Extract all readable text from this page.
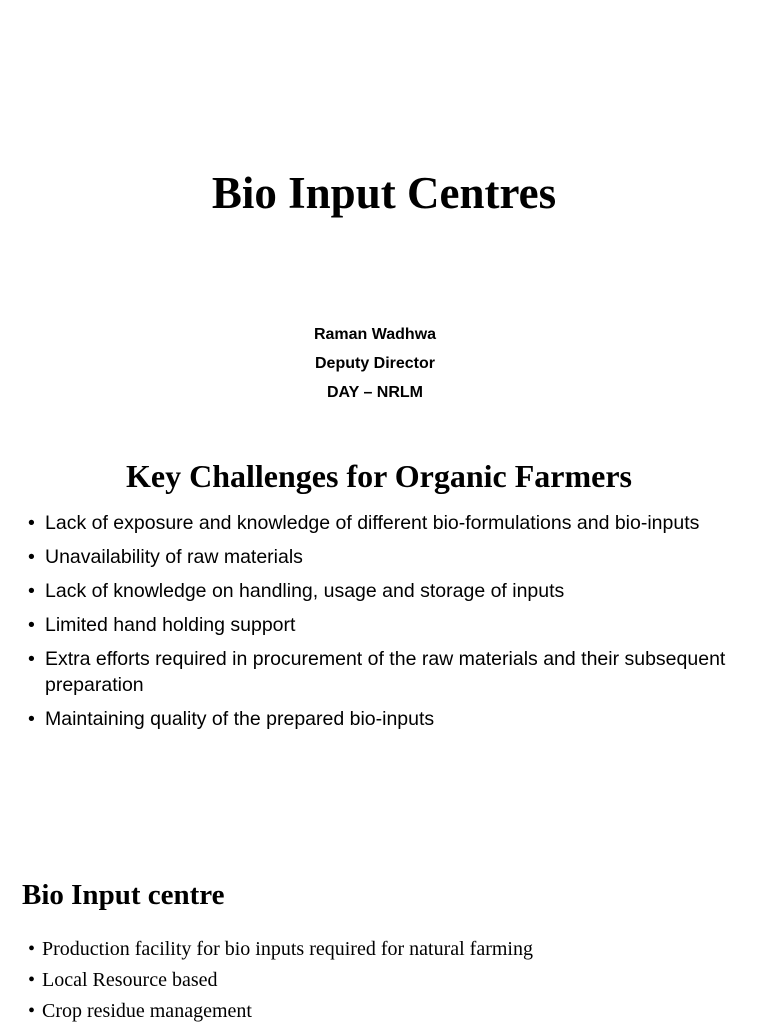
Bio Input Centres
Raman Wadhwa
Deputy Director
DAY – NRLM
Key Challenges for Organic Farmers
• Lack of exposure and knowledge of different bio-formulations and bio-inputs
• Unavailability of raw materials
• Lack of knowledge on handling, usage and storage of inputs
• Limited hand holding support
• Extra efforts required in procurement of the raw materials and their subsequent preparation
• Maintaining quality of the prepared bio-inputs
Bio Input centre
• Production facility for bio inputs required for natural farming
• Local Resource based
• Crop residue management
